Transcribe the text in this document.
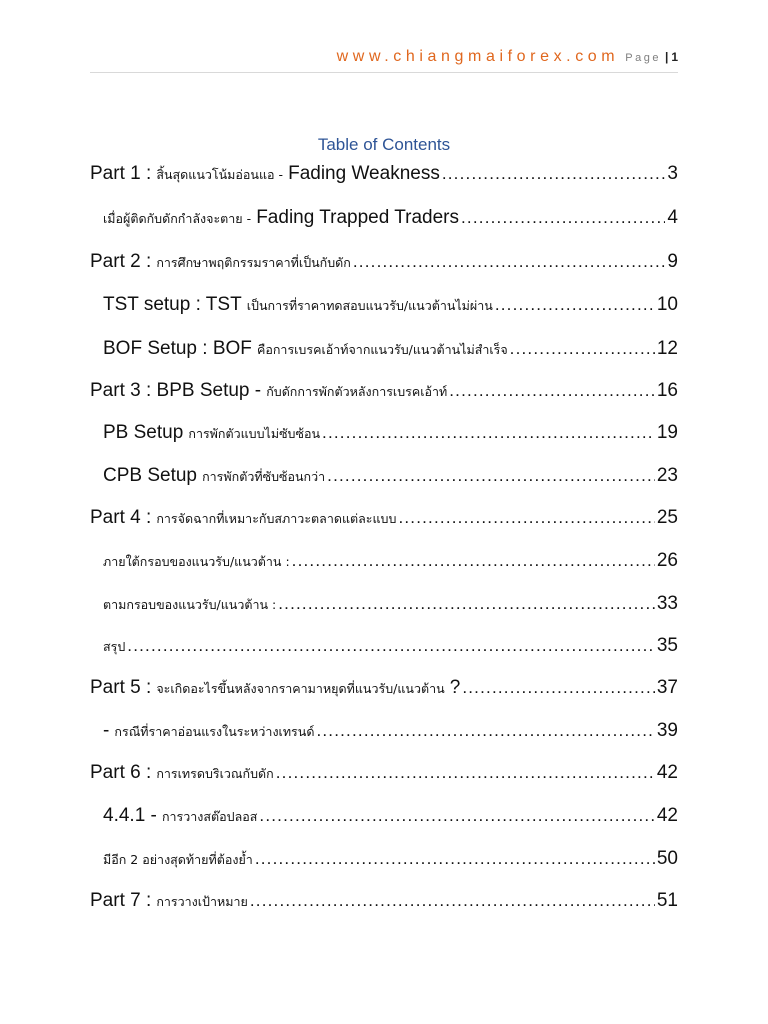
www.chiangmaiforex.com Page | 1
Table of Contents
Part 1 : สิ้นสุดแนวโน้มอ่อนแอ - Fading Weakness .....	3
เมื่อผู้ติดกับดักกำลังจะตาย - Fading Trapped Traders .....	4
Part 2 : การศึกษาพฤติกรรมราคาที่เป็นกับดัก .....	9
TST setup : TST เป็นการที่ราคาทดสอบแนวรับ/แนวต้านไม่ผ่าน .....	10
BOF Setup : BOF คือการเบรคเอ้าท์จากแนวรับ/แนวต้านไม่สำเร็จ .....	12
Part 3 : BPB Setup - กับดักการพักตัวหลังการเบรคเอ้าท์ .....	16
PB Setup การพักตัวแบบไม่ซับซ้อน .....	19
CPB Setup การพักตัวที่ซับซ้อนกว่า .....	23
Part 4 : การจัดฉากที่เหมาะกับสภาวะตลาดแต่ละแบบ .....	25
ภายใต้กรอบของแนวรับ/แนวต้าน : .....	26
ตามกรอบของแนวรับ/แนวต้าน : .....	33
สรุป .....	35
Part 5 : จะเกิดอะไรขึ้นหลังจากราคามาหยุดที่แนวรับ/แนวต้าน ? .....	37
- กรณีที่ราคาอ่อนแรงในระหว่างเทรนด์ .....	39
Part 6 : การเทรดบริเวณกับดัก .....	42
4.4.1 - การวางสต๊อปลอส .....	42
มีอีก 2 อย่างสุดท้ายที่ต้องย้ำ .....	50
Part 7 : การวางเป้าหมาย .....	51
